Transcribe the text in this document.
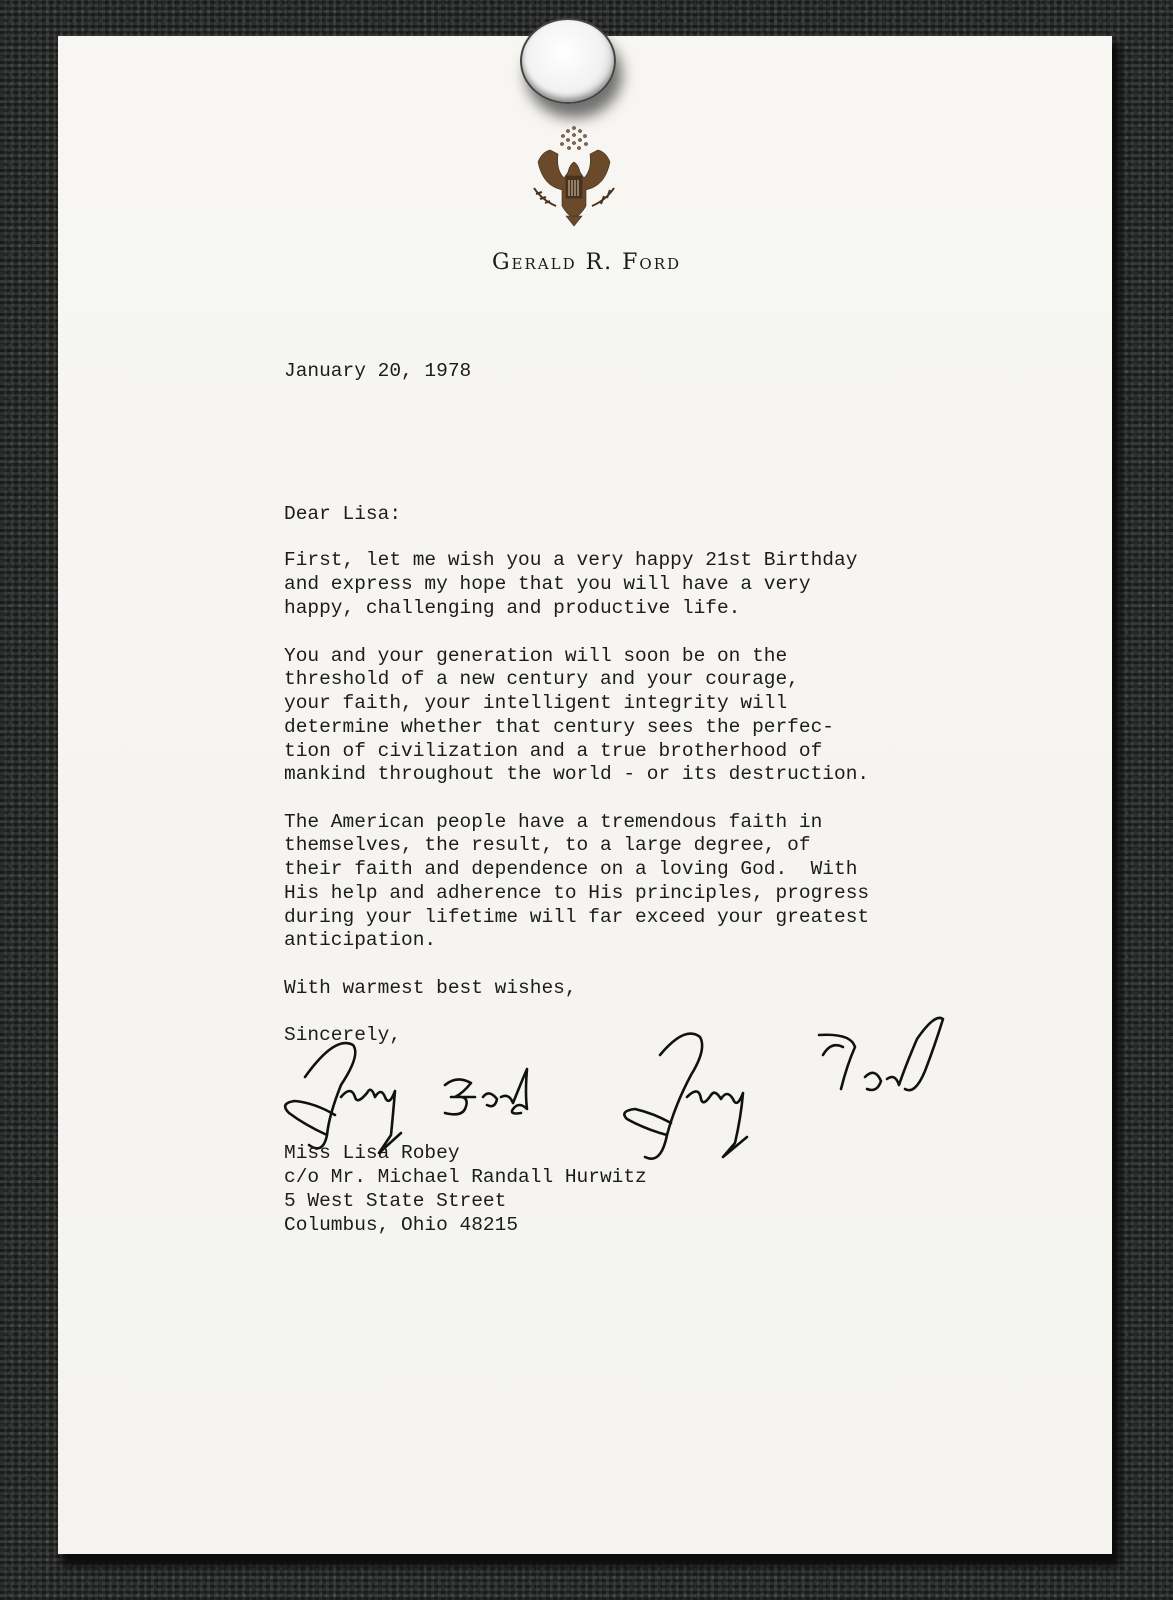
Gerald R. Ford
January 20, 1978
Dear Lisa:
First, let me wish you a very happy 21st Birthday
and express my hope that you will have a very
happy, challenging and productive life.
You and your generation will soon be on the
threshold of a new century and your courage,
your faith, your intelligent integrity will
determine whether that century sees the perfec-
tion of civilization and a true brotherhood of
mankind throughout the world - or its destruction.
The American people have a tremendous faith in
themselves, the result, to a large degree, of
their faith and dependence on a loving God.  With
His help and adherence to His principles, progress
during your lifetime will far exceed your greatest
anticipation.
With warmest best wishes,
Sincerely,
Miss Lisa Robey
c/o Mr. Michael Randall Hurwitz
5 West State Street
Columbus, Ohio 48215
